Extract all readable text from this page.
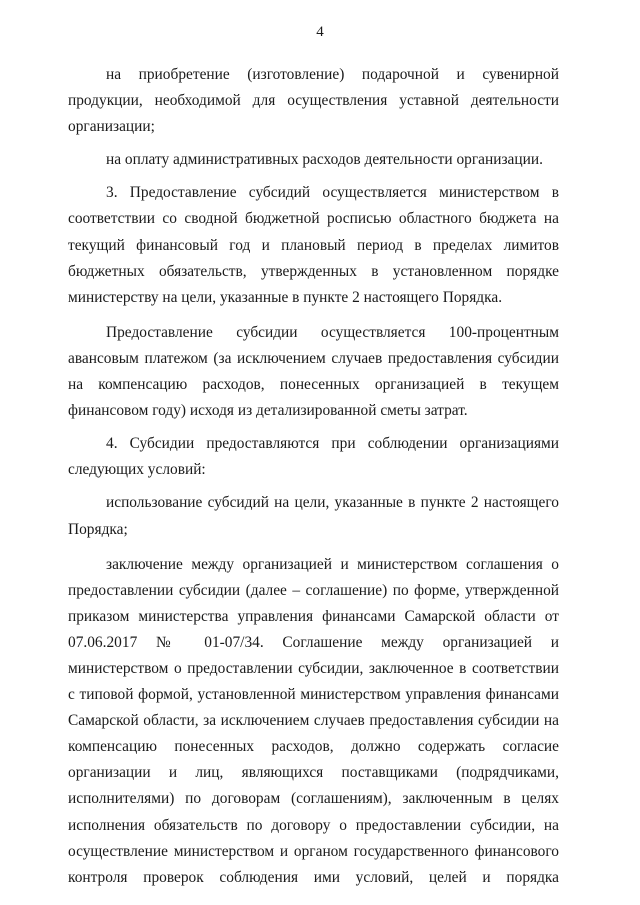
4

на приобретение (изготовление) подарочной и сувенирной продукции, необходимой для осуществления уставной деятельности организации;

на оплату административных расходов деятельности организации.

3. Предоставление субсидий осуществляется министерством в соответствии со сводной бюджетной росписью областного бюджета на текущий финансовый год и плановый период в пределах лимитов бюджетных обязательств, утвержденных в установленном порядке министерству на цели, указанные в пункте 2 настоящего Порядка.

Предоставление субсидии осуществляется 100-процентным авансовым платежом (за исключением случаев предоставления субсидии на компенсацию расходов, понесенных организацией в текущем финансовом году) исходя из детализированной сметы затрат.

4. Субсидии предоставляются при соблюдении организациями следующих условий:

использование субсидий на цели, указанные в пункте 2 настоящего Порядка;

заключение между организацией и министерством соглашения о предоставлении субсидии (далее – соглашение) по форме, утвержденной приказом министерства управления финансами Самарской области от 07.06.2017 № 01-07/34. Соглашение между организацией и министерством о предоставлении субсидии, заключенное в соответствии с типовой формой, установленной министерством управления финансами Самарской области, за исключением случаев предоставления субсидии на компенсацию понесенных расходов, должно содержать согласие организации и лиц, являющихся поставщиками (подрядчиками, исполнителями) по договорам (соглашениям), заключенным в целях исполнения обязательств по договору о предоставлении субсидии, на осуществление министерством и органом государственного финансового контроля проверок соблюдения ими условий, целей и порядка
